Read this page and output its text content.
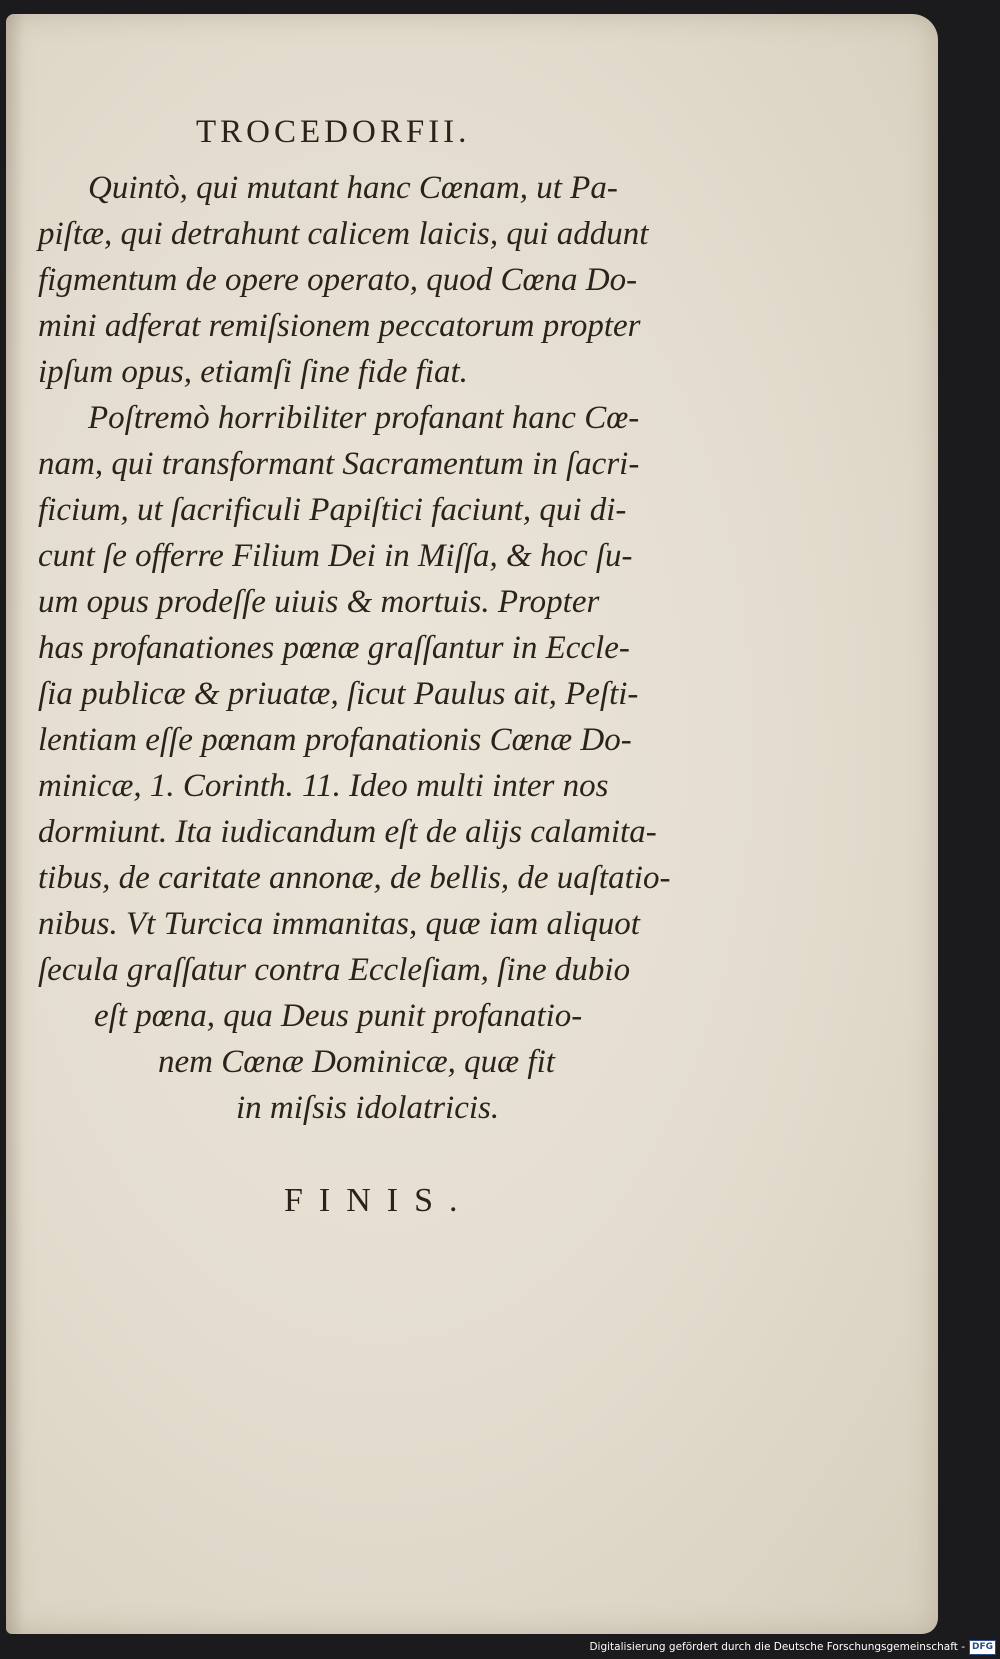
TROCEDORFII.
Quintò, qui mutant hanc Cœnam, ut Pa-
piſtæ, qui detrahunt calicem laicis, qui addunt
figmentum de opere operato, quod Cœna Do-
mini adferat remiſsionem peccatorum propter
ipſum opus, etiamſi ſine fide fiat.
Poſtremò horribiliter profanant hanc Cœ-
nam, qui transformant Sacramentum in ſacri-
ficium, ut ſacrificuli Papiſtici faciunt, qui di-
cunt ſe offerre Filium Dei in Miſſa, & hoc ſu-
um opus prodeſſe uiuis & mortuis. Propter
has profanationes pœnæ graſſantur in Eccle-
ſia publicæ & priuatæ, ſicut Paulus ait, Peſti-
lentiam eſſe pœnam profanationis Cœnæ Do-
minicæ, 1. Corinth. 11. Ideo multi inter nos
dormiunt. Ita iudicandum eſt de alijs calamita-
tibus, de caritate annonæ, de bellis, de uaſtatio-
nibus. Vt Turcica immanitas, quæ iam aliquot
ſecula graſſatur contra Eccleſiam, ſine dubio
eſt pœna, qua Deus punit profanatio-
nem Cœnæ Dominicæ, quæ fit
in miſsis idolatricis.
FINIS.
Digitalisierung gefördert durch die Deutsche Forschungsgemeinschaft - DFG
